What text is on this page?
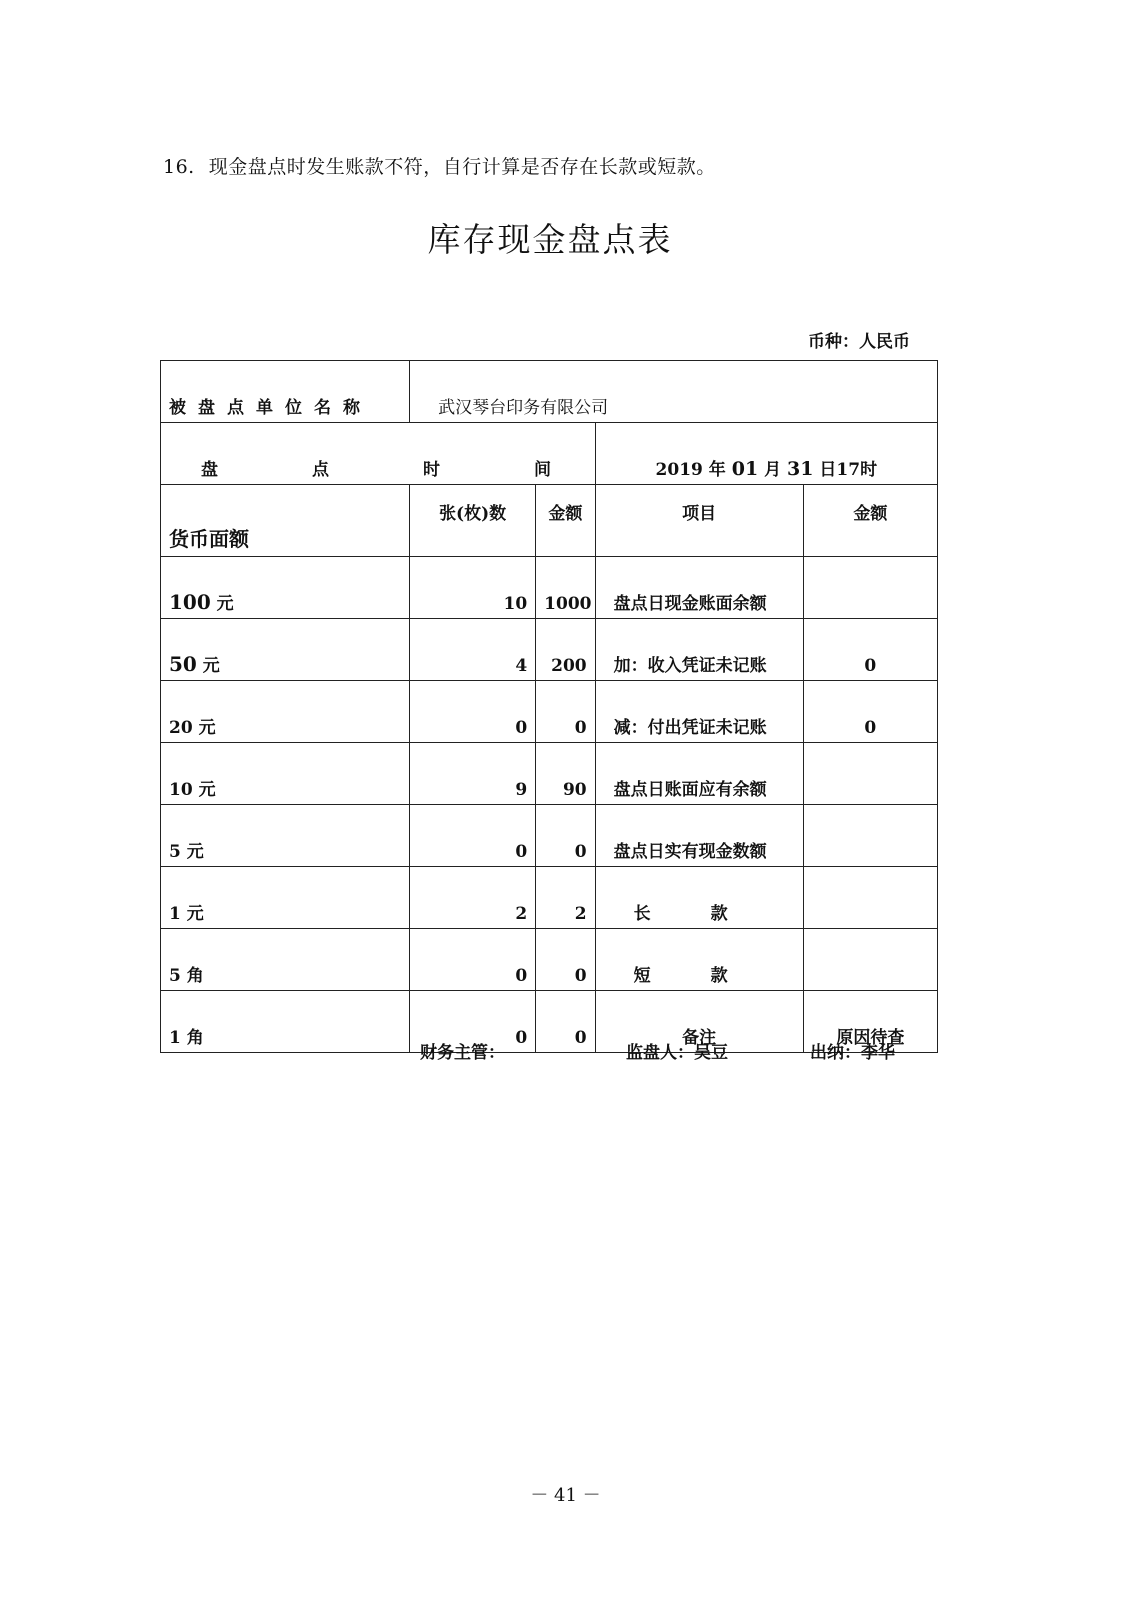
16. 现金盘点时发生账款不符，自行计算是否存在长款或短款。
库存现金盘点表
币种：人民币
被盘点单位名称	武汉琴台印务有限公司			
盘点时间			2019 年 01 月 31 日17时	
货币面额	张(枚)数	金额	项目	金额
100 元	10	1000	盘点日现金账面余额	
50 元	4	200	加：收入凭证未记账	0
20 元	0	0	减：付出凭证未记账	0
10 元	9	90	盘点日账面应有余额	
5 元	0	0	盘点日实有现金数额	
1 元	2	2	长款	
5 角	0	0	短款	
1 角	0	0	备注	原因待查
财务主管：	监盘人：吴豆	出纳：李华
－ 41 －
